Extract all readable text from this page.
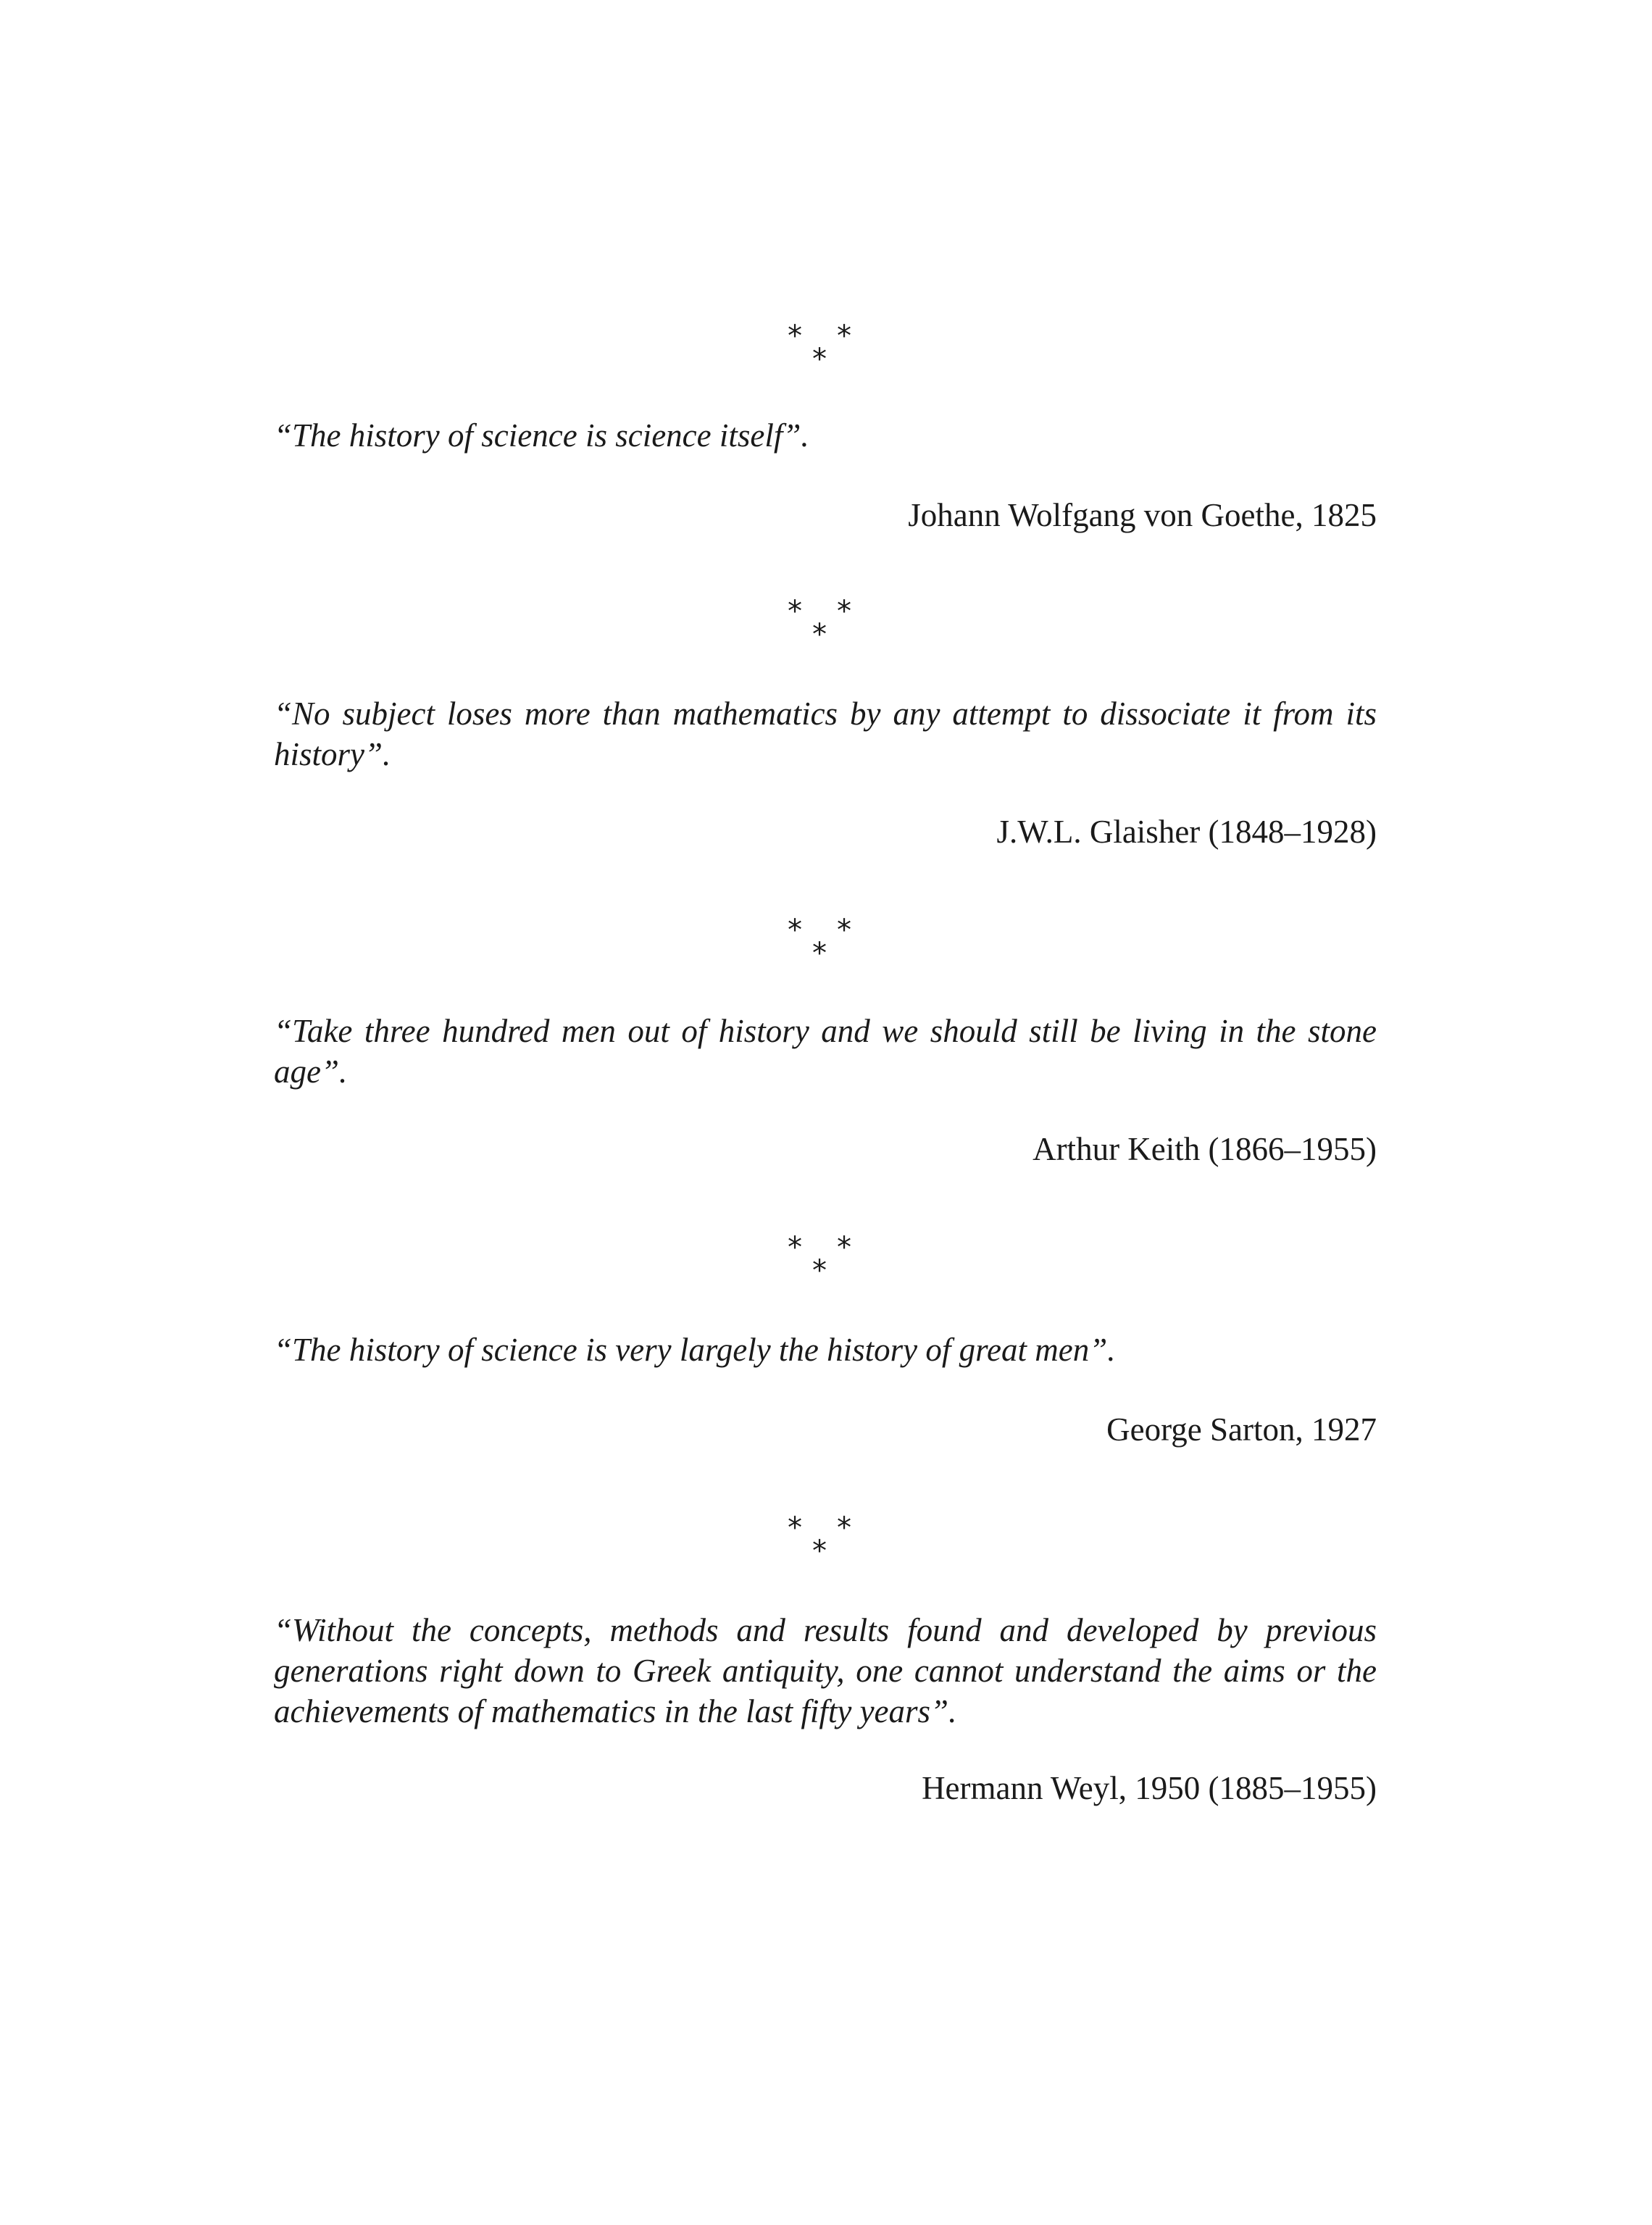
* *
*
“The history of science is science itself”.
Johann Wolfgang von Goethe, 1825
* *
*
“No subject loses more than mathematics by any attempt to dissociate it from its history”.
J.W.L. Glaisher (1848–1928)
* *
*
“Take three hundred men out of history and we should still be living in the stone age”.
Arthur Keith (1866–1955)
* *
*
“The history of science is very largely the history of great men”.
George Sarton, 1927
* *
*
“Without the concepts, methods and results found and developed by previous generations right down to Greek antiquity, one cannot understand the aims or the achievements of mathematics in the last fifty years”.
Hermann Weyl, 1950 (1885–1955)
